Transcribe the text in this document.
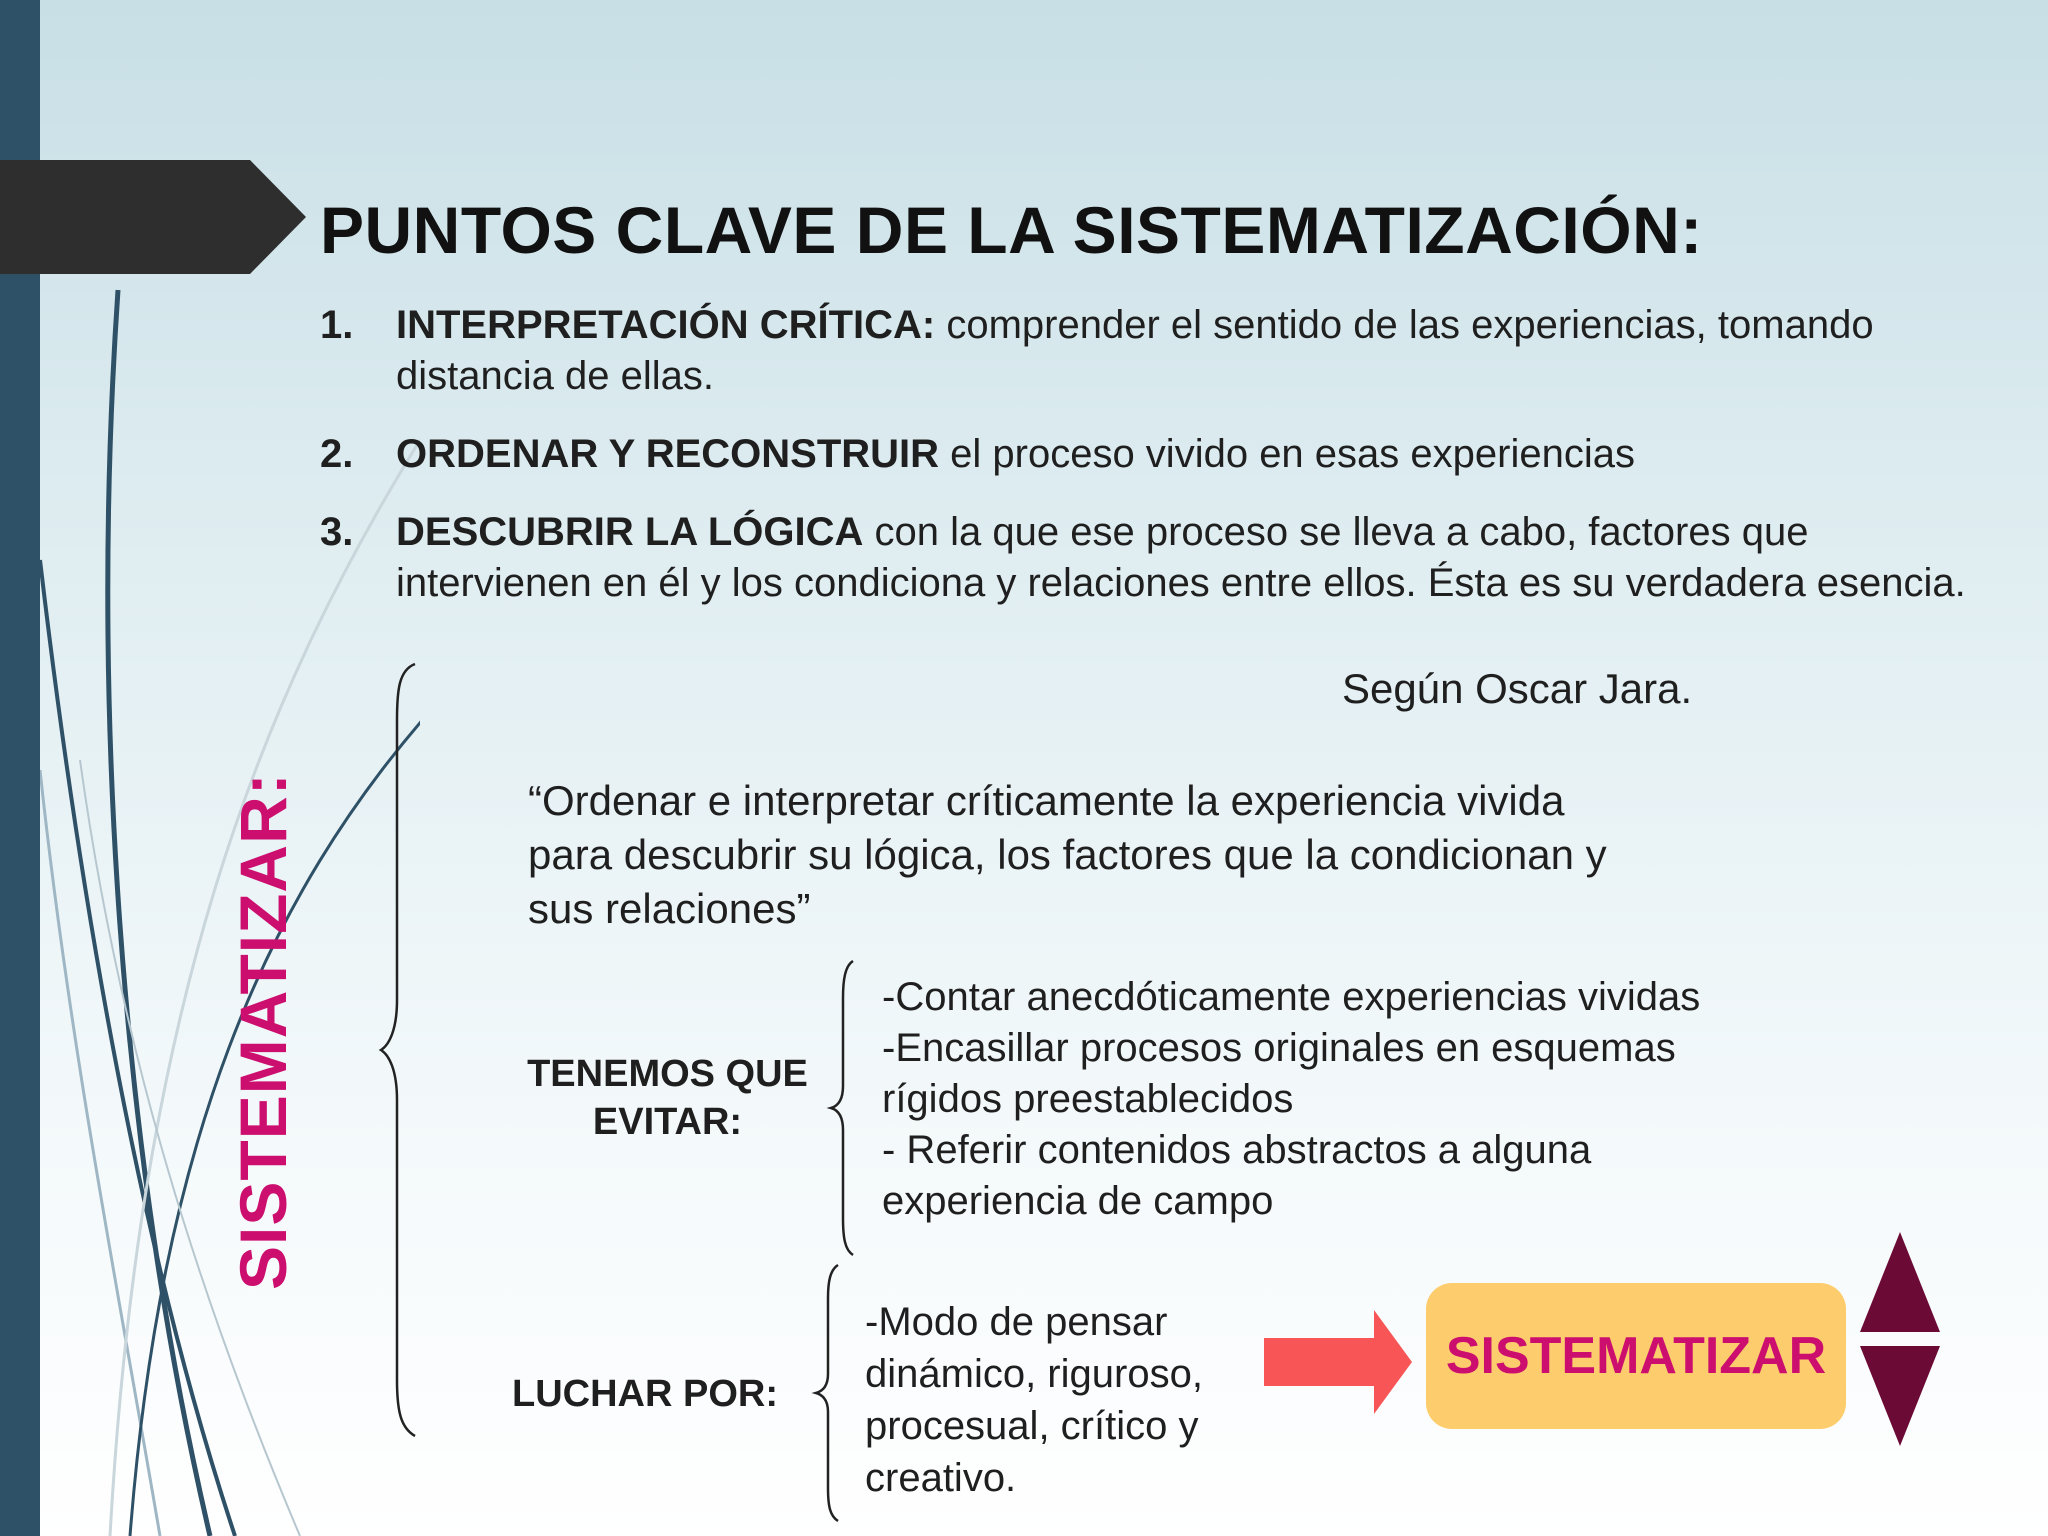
PUNTOS CLAVE DE LA SISTEMATIZACIÓN:
1. INTERPRETACIÓN CRÍTICA: comprender el sentido de las experiencias, tomando distancia de ellas.
2. ORDENAR Y RECONSTRUIR el proceso vivido en esas experiencias
3. DESCUBRIR LA LÓGICA con la que ese proceso se lleva a cabo, factores que intervienen en él y los condiciona y relaciones entre ellos. Ésta es su verdadera esencia.
Según Oscar Jara.
SISTEMATIZAR:	“Ordenar e interpretar críticamente la experiencia vivida
para descubrir su lógica, los factores que la condicionan y
sus relaciones”
TENEMOS QUE
EVITAR:
-Contar anecdóticamente experiencias vividas
-Encasillar procesos originales en esquemas
rígidos preestablecidos
- Referir contenidos abstractos a alguna
experiencia de campo
LUCHAR POR:
-Modo de pensar
dinámico, riguroso,
procesual, crítico y
creativo.
SISTEMATIZAR
